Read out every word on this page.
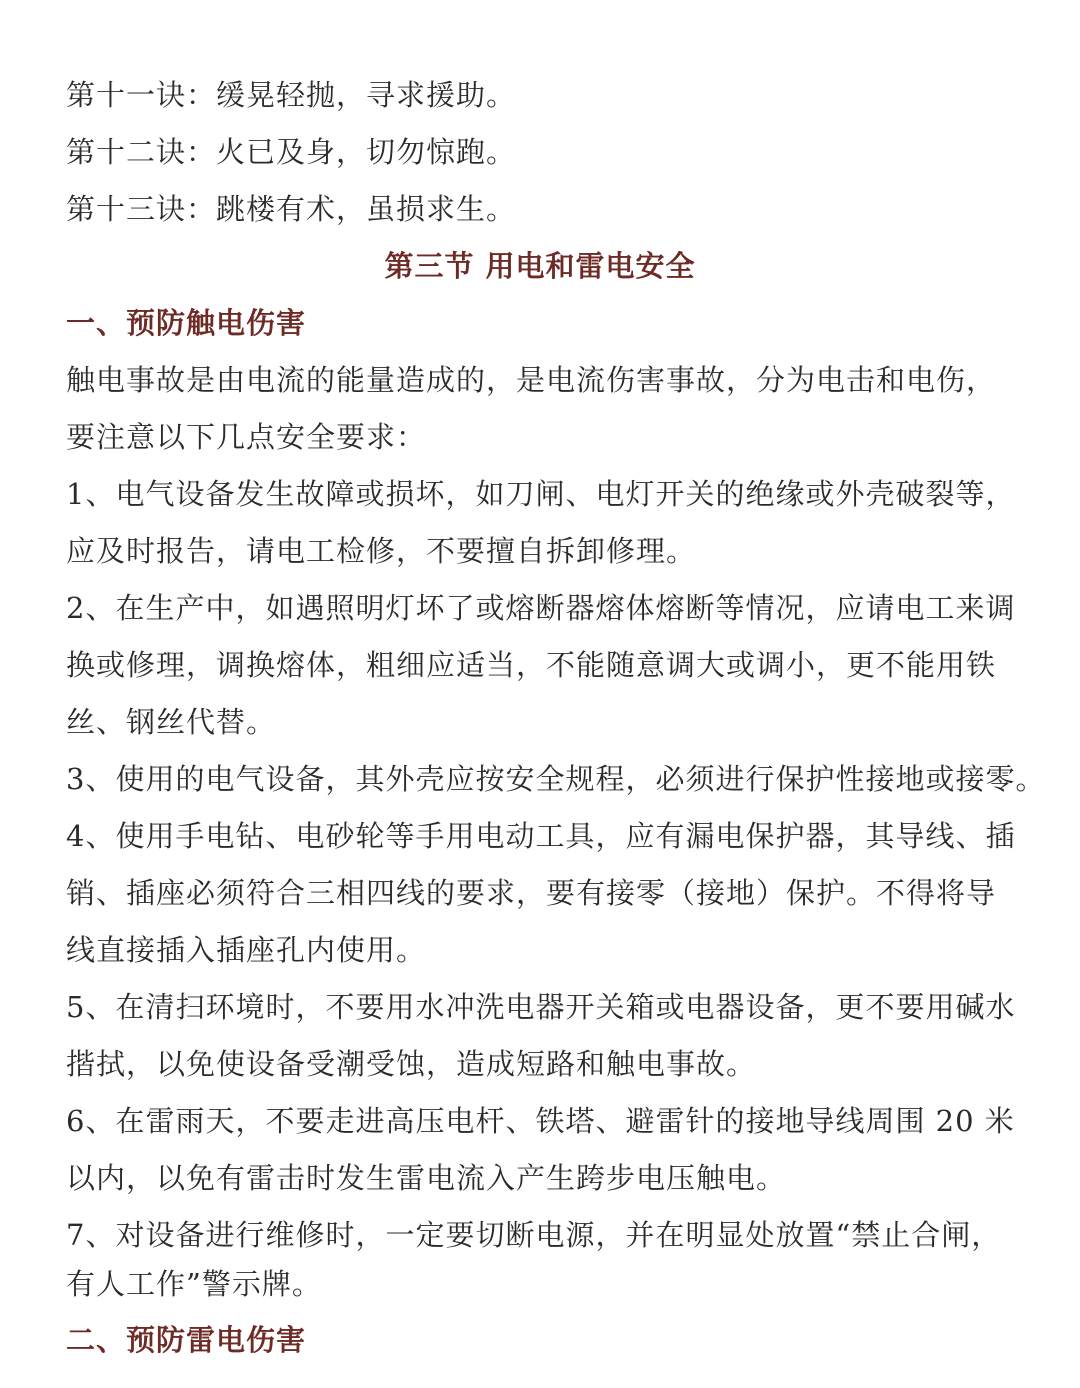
第十一诀：缓晃轻抛，寻求援助。
第十二诀：火已及身，切勿惊跑。
第十三诀：跳楼有术，虽损求生。
第三节 用电和雷电安全
一、预防触电伤害
触电事故是由电流的能量造成的，是电流伤害事故，分为电击和电伤，
要注意以下几点安全要求：
1、电气设备发生故障或损坏，如刀闸、电灯开关的绝缘或外壳破裂等，
应及时报告，请电工检修，不要擅自拆卸修理。
2、在生产中，如遇照明灯坏了或熔断器熔体熔断等情况，应请电工来调
换或修理，调换熔体，粗细应适当，不能随意调大或调小，更不能用铁
丝、钢丝代替。
3、使用的电气设备，其外壳应按安全规程，必须进行保护性接地或接零。
4、使用手电钻、电砂轮等手用电动工具，应有漏电保护器，其导线、插
销、插座必须符合三相四线的要求，要有接零（接地）保护。不得将导
线直接插入插座孔内使用。
5、在清扫环境时，不要用水冲洗电器开关箱或电器设备，更不要用碱水
揩拭，以免使设备受潮受蚀，造成短路和触电事故。
6、在雷雨天，不要走进高压电杆、铁塔、避雷针的接地导线周围 20 米
以内，以免有雷击时发生雷电流入产生跨步电压触电。
7、对设备进行维修时，一定要切断电源，并在明显处放置“禁止合闸，
有人工作”警示牌。
二、预防雷电伤害
